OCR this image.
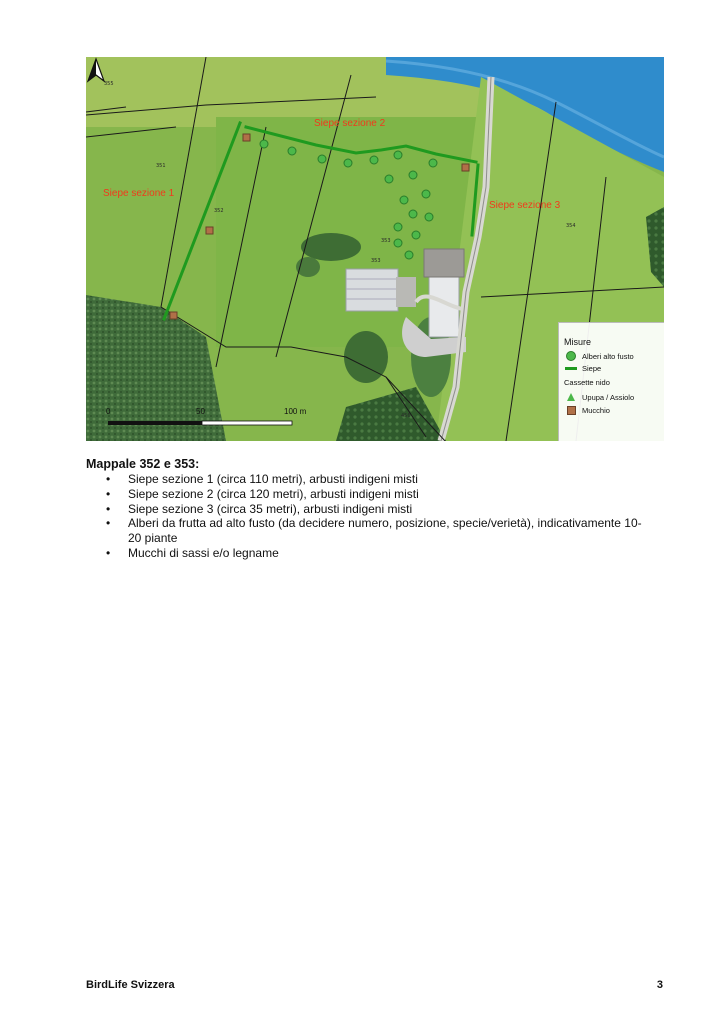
351
352
353
354
353
456
355
Siepe sezione 2
Siepe sezione 1
Siepe sezione 3
0	50	100 m
Misure
Alberi alto fusto
Siepe
Cassette nido
Upupa / Assiolo
Mucchio
Mappale 352 e 353:
• Siepe sezione 1 (circa 110 metri), arbusti indigeni misti
• Siepe sezione 2 (circa 120 metri), arbusti indigeni misti
• Siepe sezione 3 (circa 35 metri), arbusti indigeni misti
• Alberi da frutta ad alto fusto (da decidere numero, posizione, specie/verietà), indicativamente 10-20 piante
• Mucchi di sassi e/o legname
BirdLife Svizzera	3
